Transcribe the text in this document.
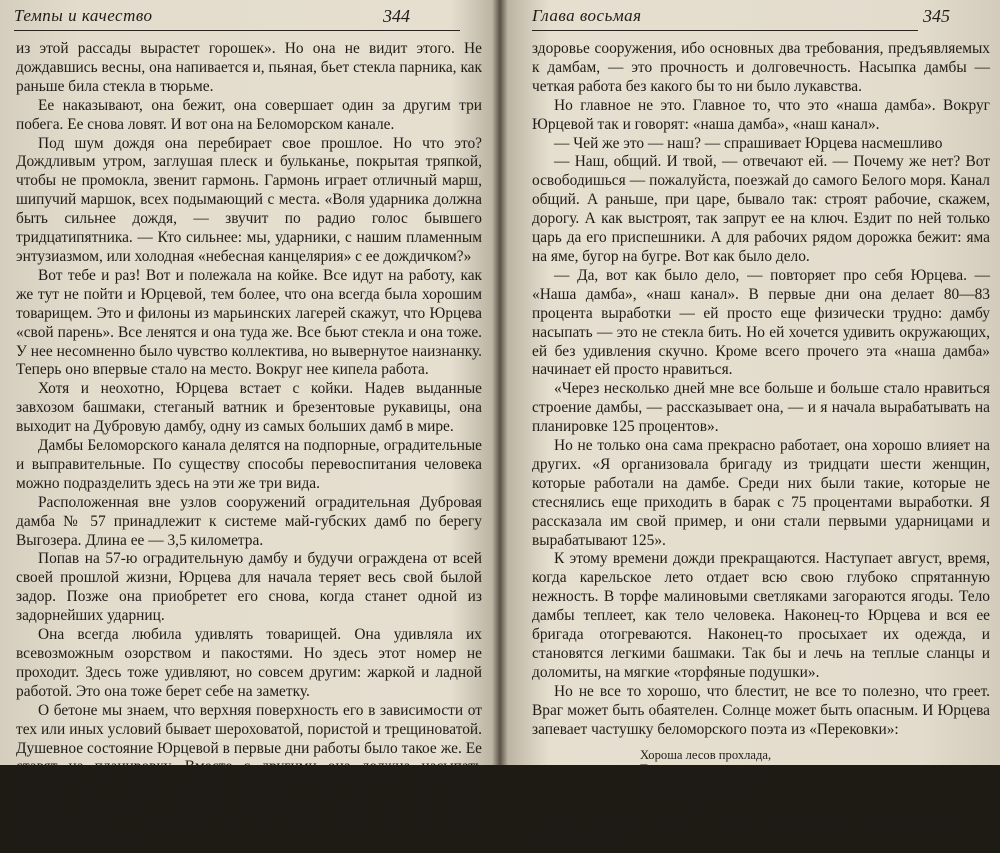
Темпы и качество	344

из этой рассады вырастет горошек». Но она не видит этого. Не дождавшись весны, она напивается и, пьяная, бьет стекла парника, как раньше била стекла в тюрьме.

Ее наказывают, она бежит, она совершает один за другим три побега. Ее снова ловят. И вот она на Беломорском канале.

Под шум дождя она перебирает свое прошлое. Но что это? Дождливым утром, заглушая плеск и бульканье, покрытая тряпкой, чтобы не промокла, звенит гармонь. Гармонь играет отличный марш, шипучий маршок, всех подымающий с места. «Воля ударника должна быть сильнее дождя, — звучит по радио голос бывшего тридцатипятника. — Кто сильнее: мы, ударники, с нашим пламенным энтузиазмом, или холодная «небесная канцелярия» с ее дождичком?»

Вот тебе и раз! Вот и полежала на койке. Все идут на работу, как же тут не пойти и Юрцевой, тем более, что она всегда была хорошим товарищем. Это и филоны из марьинских лагерей скажут, что Юрцева «свой парень». Все ленятся и она туда же. Все бьют стекла и она тоже. У нее несомненно было чувство коллектива, но вывернутое наизнанку. Теперь оно впервые стало на место. Вокруг нее кипела работа.

Хотя и неохотно, Юрцева встает с койки. Надев выданные завхозом башмаки, стеганый ватник и брезентовые рукавицы, она выходит на Дубровую дамбу, одну из самых больших дамб в мире.

Дамбы Беломорского канала делятся на подпорные, оградительные и выправительные. По существу способы перевоспитания человека можно подразделить здесь на эти же три вида.

Расположенная вне узлов сооружений оградительная Дубровая дамба № 57 принадлежит к системе май-губских дамб по берегу Выгозера. Длина ее — 3,5 километра.

Попав на 57-ю оградительную дамбу и будучи ограждена от всей своей прошлой жизни, Юрцева для начала теряет весь свой былой задор. Позже она приобретет его снова, когда станет одной из задорнейших ударниц.

Она всегда любила удивлять товарищей. Она удивляла их всевозможным озорством и пакостями. Но здесь этот номер не проходит. Здесь тоже удивляют, но совсем другим: жаркой и ладной работой. Это она тоже берет себе на заметку.

О бетоне мы знаем, что верхняя поверхность его в зависимости от тех или иных условий бывает шероховатой, пористой и трещиноватой. Душевное состояние Юрцевой в первые дни работы было такое же. Ее ставят на планировку. Вместе с другими она должна насыпать дамбовый откос по указаниям изыскательской группы. Тело дамбы должно быть чисто и крепко. Надо строго следить за тем, чтобы внутрь не попал мох, дерево, все, что гниет, сыреет, все, что может подточить мощное

Глава восьмая	345

здоровье сооружения, ибо основных два требования, предъявляемых к дамбам, — это прочность и долговечность. Насыпка дамбы — четкая работа без какого бы то ни было лукавства.

Но главное не это. Главное то, что это «наша дамба». Вокруг Юрцевой так и говорят: «наша дамба», «наш канал».

— Чей же это — наш? — спрашивает Юрцева насмешливо

— Наш, общий. И твой, — отвечают ей. — Почему же нет? Вот освободишься — пожалуйста, поезжай до самого Белого моря. Канал общий. А раньше, при царе, бывало так: строят рабочие, скажем, дорогу. А как выстроят, так запрут ее на ключ. Ездит по ней только царь да его приспешники. А для рабочих рядом дорожка бежит: яма на яме, бугор на бугре. Вот как было дело.

— Да, вот как было дело, — повторяет про себя Юрцева. — «Наша дамба», «наш канал». В первые дни она делает 80—83 процента выработки — ей просто еще физически трудно: дамбу насыпать — это не стекла бить. Но ей хочется удивить окружающих, ей без удивления скучно. Кроме всего прочего эта «наша дамба» начинает ей просто нравиться.

«Через несколько дней мне все больше и больше стало нравиться строение дамбы, — рассказывает она, — и я начала вырабатывать на планировке 125 процентов».

Но не только она сама прекрасно работает, она хорошо влияет на других. «Я организовала бригаду из тридцати шести женщин, которые работали на дамбе. Среди них были такие, которые не стеснялись еще приходить в барак с 75 процентами выработки. Я рассказала им свой пример, и они стали первыми ударницами и вырабатывают 125».

К этому времени дожди прекращаются. Наступает август, время, когда карельское лето отдает всю свою глубоко спрятанную нежность. В торфе малиновыми светляками загораются ягоды. Тело дамбы теплеет, как тело человека. Наконец-то Юрцева и вся ее бригада отогреваются. Наконец-то просыхает их одежда, и становятся легкими башмаки. Так бы и лечь на теплые сланцы и доломиты, на мягкие «торфяные подушки».

Но не все то хорошо, что блестит, не все то полезно, что греет. Враг может быть обаятелен. Солнце может быть опасным. И Юрцева запевает частушку беломорского поэта из «Перековки»:

Хороша лесов прохлада,
Трав душистых мягок пух,
Но ударная бригада
Бережет ударный дух

И дальше: «Лес и лето повторимы, Беломорстрой — неповторим».
